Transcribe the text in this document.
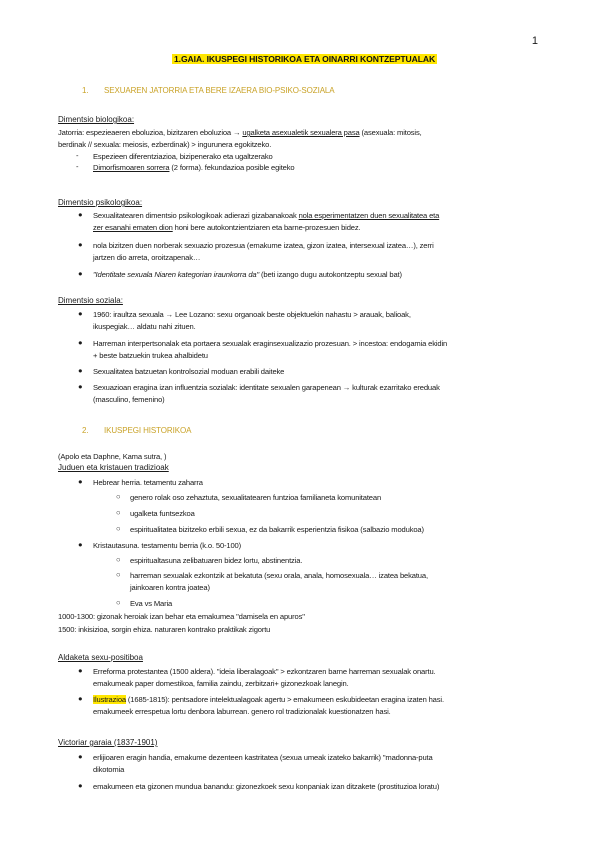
1
1.GAIA. IKUSPEGI HISTORIKOA ETA OINARRI KONTZEPTUALAK
1. SEXUAREN JATORRIA ETA BERE IZAERA BIO-PSIKO-SOZIALA
Dimentsio biologikoa:
Jatorria: espezieaeren eboluzioa, bizitzaren eboluzioa → ugalketa asexualetik sexualera pasa (asexuala: mitosis,
berdinak // sexuala: meiosis, ezberdinak) > ingurunera egokitzeko.
- Espezieen diferentziazioa, bizipenerako eta ugaltzerako
- Dimorfismoaren sorrera (2 forma). fekundazioa posible egiteko
Dimentsio psikologikoa:
● Sexualitatearen dimentsio psikologikoak adierazi gizabanakoak nola esperimentatzen duen sexualitatea eta
zer esanahi ematen dion honi bere autokontzientziaren eta barne-prozesuen bidez.
● nola bizitzen duen norberak sexuazio prozesua (emakume izatea, gizon izatea, intersexual izatea…), zerri
jartzen dio arreta, oroitzapenak…
● "Identitate sexuala Niaren kategorian iraunkorra da" (beti izango dugu autokontzeptu sexual bat)
Dimentsio soziala:
● 1960: iraultza sexuala → Lee Lozano: sexu organoak beste objektuekin nahastu > arauak, balioak,
ikuspegiak… aldatu nahi zituen.
● Harreman interpertsonalak eta portaera sexualak eraginsexualizazio prozesuan. > incestoa: endogamia ekidin
+ beste batzuekin trukea ahalbidetu
● Sexualitatea batzuetan kontrolsozial moduan erabili daiteke
● Sexuazioan eragina izan influentzia sozialak: identitate sexualen garapenean → kulturak ezarritako ereduak
(masculino, femenino)
2. IKUSPEGI HISTORIKOA
(Apolo eta Daphne, Kama sutra, )
Juduen eta kristauen tradizioak
● Hebrear herria. tetamentu zaharra
○ genero rolak oso zehaztuta, sexualitatearen funtzioa familianeta komunitatean
○ ugalketa funtsezkoa
○ espiritualitatea bizitzeko erbili sexua, ez da bakarrik esperientzia fisikoa (salbazio modukoa)
● Kristautasuna. testamentu berria (k.o. 50-100)
○ espiritualtasuna zelibatuaren bidez lortu, abstinentzia.
○ harreman sexualak ezkontzik at bekatuta (sexu orala, anala, homosexuala… izatea bekatua,
jainkoaren kontra joatea)
○ Eva vs Maria
1000-1300: gizonak heroiak izan behar eta emakumea "damisela en apuros"
1500: inkisizioa, sorgin ehiza. naturaren kontrako praktikak zigortu
Aldaketa sexu-positiboa
● Erreforma protestantea (1500 aldera). "ideia liberalagoak" > ezkontzaren barne harreman sexualak onartu.
emakumeak paper domestikoa, familia zaindu, zerbitzari+ gizonezkoak lanegin.
● Ilustrazioa (1685-1815): pentsadore intelektualagoak agertu > emakumeen eskubideetan eragina izaten hasi.
emakumeek errespetua lortu denbora laburrean. genero rol tradizionalak kuestionatzen hasi.
Victoriar garaia (1837-1901)
● erlijioaren eragin handia, emakume dezenteen kastritatea (sexua umeak izateko bakarrik) "madonna-puta
dikotomia
● emakumeen eta gizonen mundua banandu: gizonezkoek sexu konpaniak izan ditzakete (prostituzioa loratu)
